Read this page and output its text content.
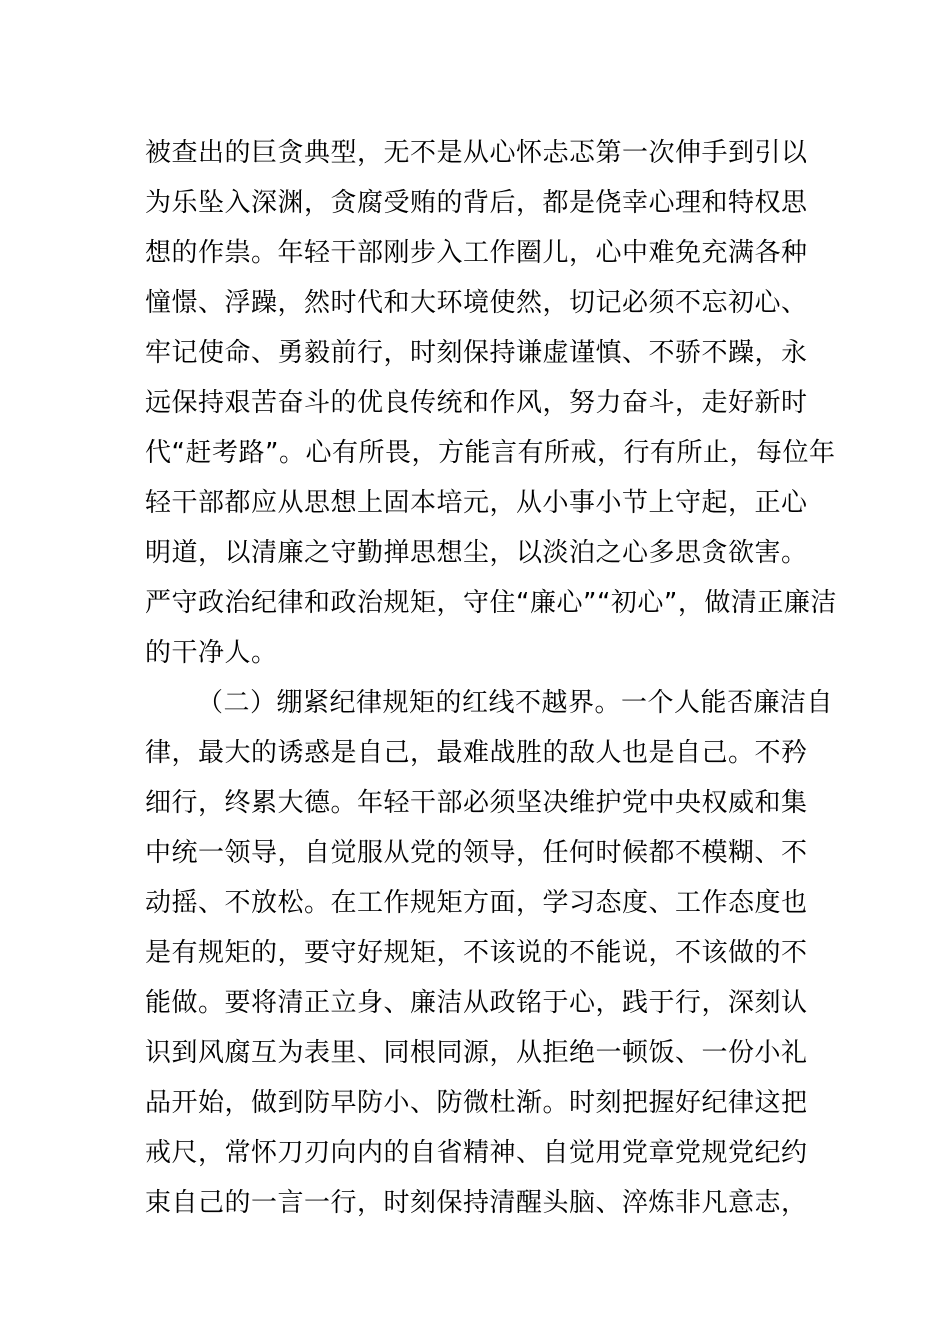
被查出的巨贪典型，无不是从心怀忐忑第一次伸手到引以
为乐坠入深渊，贪腐受贿的背后，都是侥幸心理和特权思
想的作祟。年轻干部刚步入工作圈儿，心中难免充满各种
憧憬、浮躁，然时代和大环境使然，切记必须不忘初心、
牢记使命、勇毅前行，时刻保持谦虚谨慎、不骄不躁，永
远保持艰苦奋斗的优良传统和作风，努力奋斗，走好新时
代“赶考路”。心有所畏，方能言有所戒，行有所止，每位年
轻干部都应从思想上固本培元，从小事小节上守起，正心
明道，以清廉之守勤掸思想尘，以淡泊之心多思贪欲害。
严守政治纪律和政治规矩，守住“廉心”“初心”，做清正廉洁
的干净人。
（二）绷紧纪律规矩的红线不越界。一个人能否廉洁自
律，最大的诱惑是自己，最难战胜的敌人也是自己。不矜
细行，终累大德。年轻干部必须坚决维护党中央权威和集
中统一领导，自觉服从党的领导，任何时候都不模糊、不
动摇、不放松。在工作规矩方面，学习态度、工作态度也
是有规矩的，要守好规矩，不该说的不能说，不该做的不
能做。要将清正立身、廉洁从政铭于心，践于行，深刻认
识到风腐互为表里、同根同源，从拒绝一顿饭、一份小礼
品开始，做到防早防小、防微杜渐。时刻把握好纪律这把
戒尺，常怀刀刃向内的自省精神、自觉用党章党规党纪约
束自己的一言一行，时刻保持清醒头脑、淬炼非凡意志，
